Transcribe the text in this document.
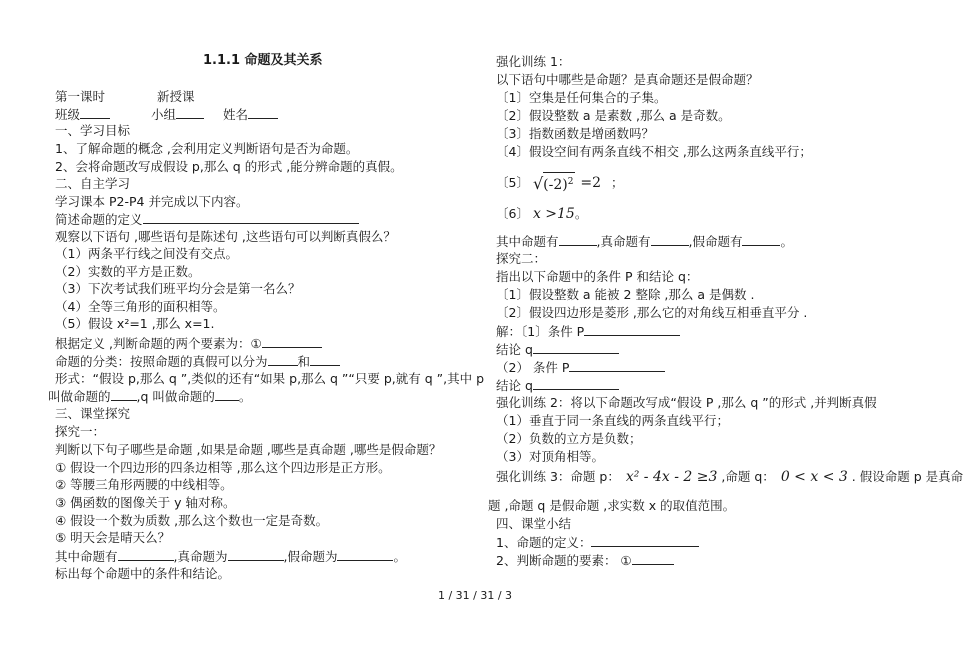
1.1.1 命题及其关系
第一课时	新授课
班级	小组	姓名
一、学习目标
1、了解命题的概念 ,会利用定义判断语句是否为命题。
2、会将命题改写成假设 p,那么 q 的形式 ,能分辨命题的真假。
二、自主学习
学习课本 P2-P4 并完成以下内容。
简述命题的定义
观察以下语句 ,哪些语句是陈述句 ,这些语句可以判断真假么？
（1）两条平行线之间没有交点。
（2）实数的平方是正数。
（3）下次考试我们班平均分会是第一名么？
（4）全等三角形的面积相等。
（5）假设 x²=1 ,那么 x=1.
根据定义 ,判断命题的两个要素为：①
命题的分类：按照命题的真假可以分为 和
形式：“假设 p,那么 q ”,类似的还有“如果 p,那么 q ”“只要 p,就有 q ”,其中 p
叫做命题的 ,q 叫做命题的 。
三、课堂探究
探究一：
判断以下句子哪些是命题 ,如果是命题 ,哪些是真命题 ,哪些是假命题？
① 假设一个四边形的四条边相等 ,那么这个四边形是正方形。
② 等腰三角形两腰的中线相等。
③ 偶函数的图像关于 y 轴对称。
④ 假设一个数为质数 ,那么这个数也一定是奇数。
⑤ 明天会是晴天么？
其中命题有	,真命题为	,假命题为	。
标出每个命题中的条件和结论。
强化训练 1：
以下语句中哪些是命题？是真命题还是假命题？
〔1〕空集是任何集合的子集。
〔2〕假设整数 a 是素数 ,那么 a 是奇数。
〔3〕指数函数是增函数吗？
〔4〕假设空间有两条直线不相交 ,那么这两条直线平行；
〔5〕 √
$(-2)^2 =2$ ；
〔6〕 x >15。
其中命题有	,真命题有	,假命题有	。
探究二：
指出以下命题中的条件 P 和结论 q：
〔1〕假设整数 a 能被 2 整除 ,那么 a 是偶数 .
〔2〕假设四边形是菱形 ,那么它的对角线互相垂直平分 .
解：〔1〕条件 P
结论 q
（2） 条件 P
结论 q
强化训练 2：将以下命题改写成“假设 P ,那么 q ”的形式 ,并判断真假
（1）垂直于同一条直线的两条直线平行；
（2）负数的立方是负数；
（3）对顶角相等。
强化训练 3：命题 p： x² - 4x - 2 ≥3 ,命题 q： 0 < x < 3 . 假设命题 p 是真命
题 ,命题 q 是假命题 ,求实数 x 的取值范围。
四、课堂小结
1、命题的定义：
2、判断命题的要素： ①
1 / 31 / 31 / 3
